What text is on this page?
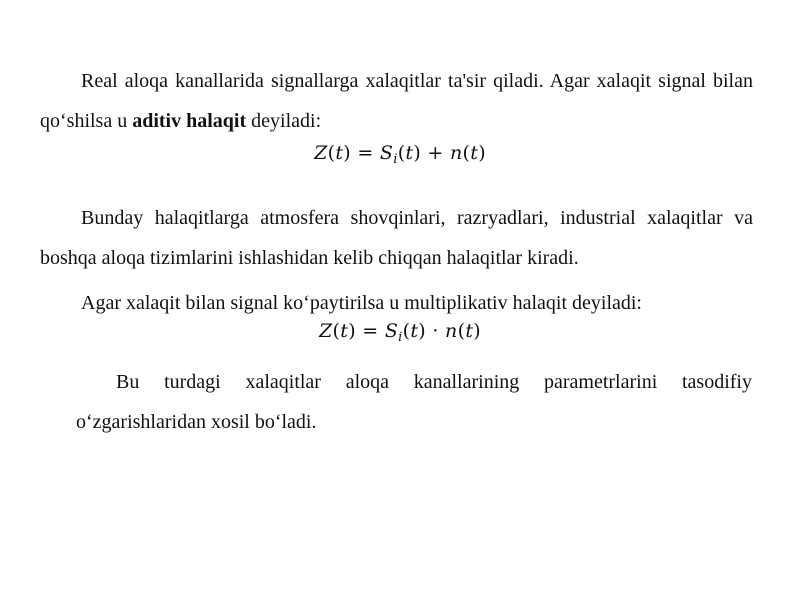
Real aloqa kanallarida signallarga xalaqitlar ta'sir qiladi. Agar xalaqit signal bilan qo‘shilsa u aditiv halaqit deyiladi:
$Z(t) = S_i(t) + n(t)$
Bunday halaqitlarga atmosfera shovqinlari, razryadlari, industrial xalaqitlar va boshqa aloqa tizimlarini ishlashidan kelib chiqqan halaqitlar kiradi.
Agar xalaqit bilan signal ko‘paytirilsa u multiplikativ halaqit deyiladi:
$Z(t) = S_i(t) \cdot n(t)$
Bu turdagi xalaqitlar aloqa kanallarining parametrlarini tasodifiy o‘zgarishlaridan xosil bo‘ladi.
